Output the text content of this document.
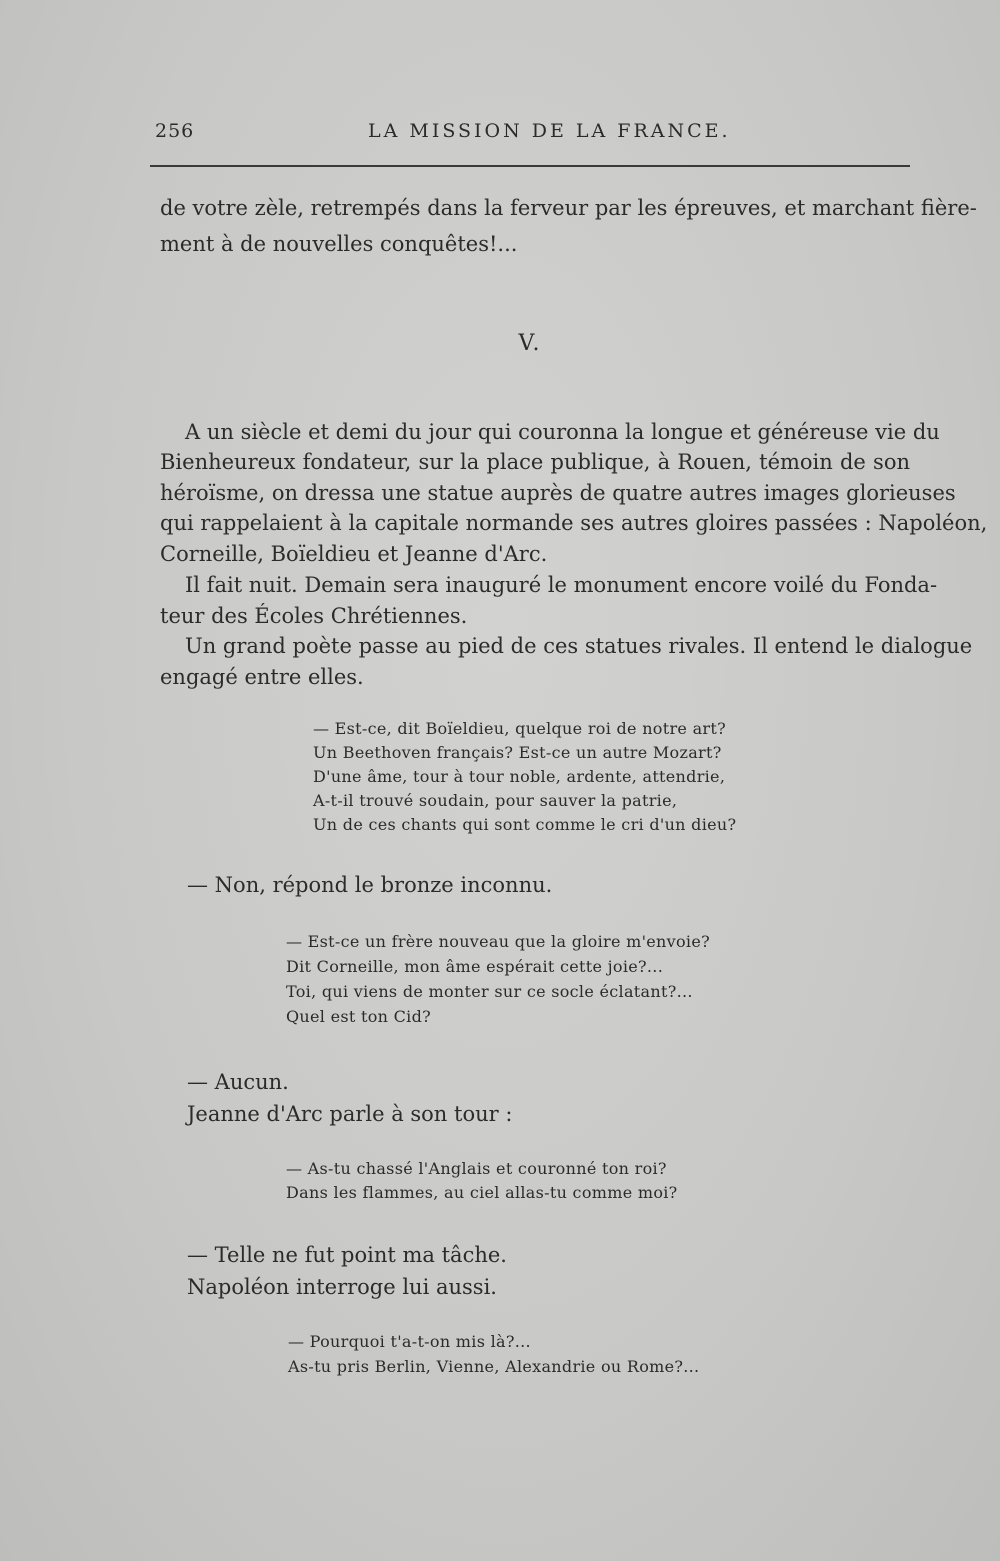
256	LA MISSION DE LA FRANCE.
de votre zèle, retrempés dans la ferveur par les épreuves, et marchant fière-
ment à de nouvelles conquêtes!...
V.
A un siècle et demi du jour qui couronna la longue et généreuse vie du
Bienheureux fondateur, sur la place publique, à Rouen, témoin de son
héroïsme, on dressa une statue auprès de quatre autres images glorieuses
qui rappelaient à la capitale normande ses autres gloires passées : Napoléon,
Corneille, Boïeldieu et Jeanne d'Arc.
Il fait nuit. Demain sera inauguré le monument encore voilé du Fonda-
teur des Écoles Chrétiennes.
Un grand poète passe au pied de ces statues rivales. Il entend le dialogue
engagé entre elles.
— Est-ce, dit Boïeldieu, quelque roi de notre art?
Un Beethoven français? Est-ce un autre Mozart?
D'une âme, tour à tour noble, ardente, attendrie,
A-t-il trouvé soudain, pour sauver la patrie,
Un de ces chants qui sont comme le cri d'un dieu?
— Non, répond le bronze inconnu.
— Est-ce un frère nouveau que la gloire m'envoie?
Dit Corneille, mon âme espérait cette joie?...
Toi, qui viens de monter sur ce socle éclatant?...
Quel est ton Cid?
— Aucun.
Jeanne d'Arc parle à son tour :
— As-tu chassé l'Anglais et couronné ton roi?
Dans les flammes, au ciel allas-tu comme moi?
— Telle ne fut point ma tâche.
Napoléon interroge lui aussi.
— Pourquoi t'a-t-on mis là?...
As-tu pris Berlin, Vienne, Alexandrie ou Rome?...
